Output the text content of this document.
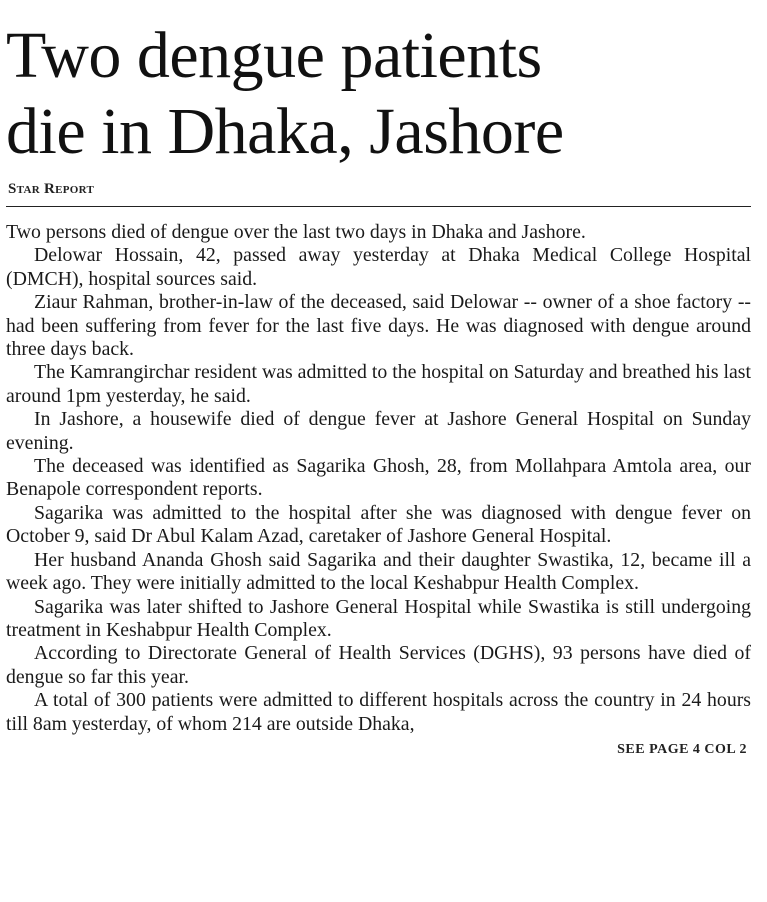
Two dengue patients
die in Dhaka, Jashore
Star Report

Two persons died of dengue over the last two days in Dhaka and Jashore.

Delowar Hossain, 42, passed away yesterday at Dhaka Medical College Hospital (DMCH), hospital sources said.

Ziaur Rahman, brother-in-law of the deceased, said Delowar -- owner of a shoe factory -- had been suffering from fever for the last five days. He was diagnosed with dengue around three days back.

The Kamrangirchar resident was admitted to the hospital on Saturday and breathed his last around 1pm yesterday, he said.

In Jashore, a housewife died of dengue fever at Jashore General Hospital on Sunday evening.

The deceased was identified as Sagarika Ghosh, 28, from Mollahpara Amtola area, our Benapole correspondent reports.

Sagarika was admitted to the hospital after she was diagnosed with dengue fever on October 9, said Dr Abul Kalam Azad, caretaker of Jashore General Hospital.

Her husband Ananda Ghosh said Sagarika and their daughter Swastika, 12, became ill a week ago. They were initially admitted to the local Keshabpur Health Complex.

Sagarika was later shifted to Jashore General Hospital while Swastika is still undergoing treatment in Keshabpur Health Complex.

According to Directorate General of Health Services (DGHS), 93 persons have died of dengue so far this year.

A total of 300 patients were admitted to different hospitals across the country in 24 hours till 8am yesterday, of whom 214 are outside Dhaka,

SEE PAGE 4 COL 2
